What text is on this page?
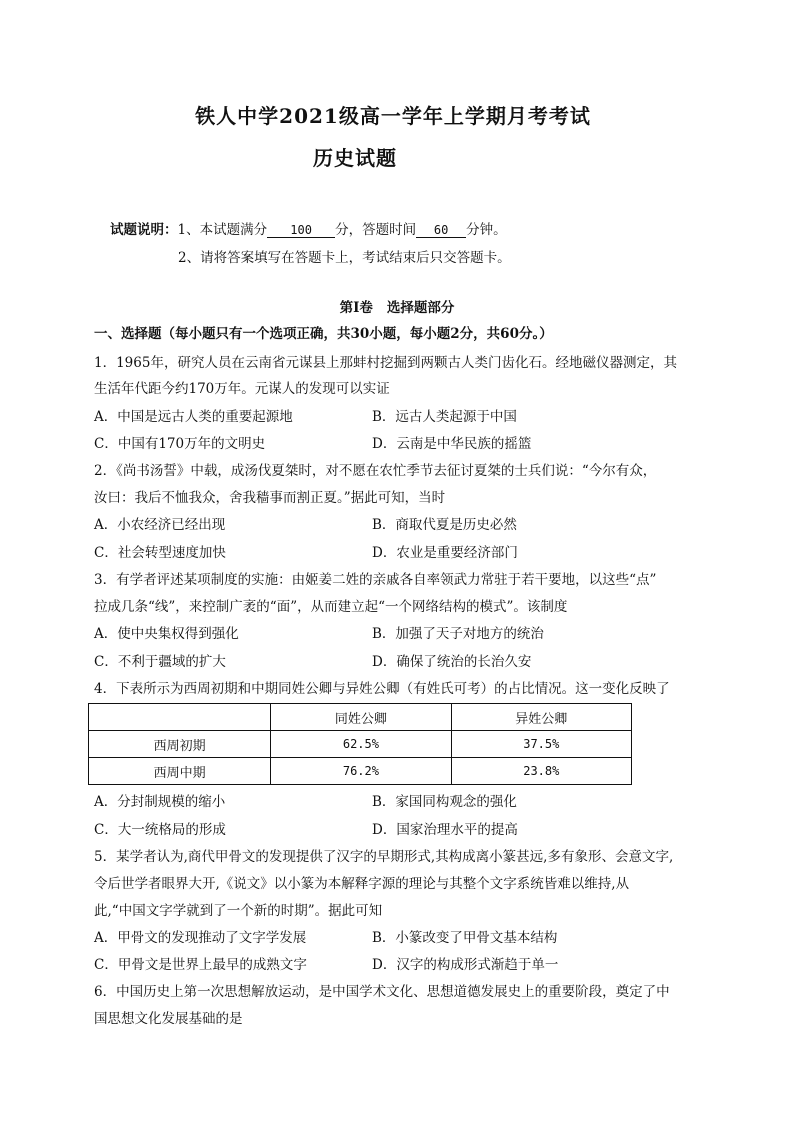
铁人中学2021级高一学年上学期月考考试
历史试题
试题说明：1、本试题满分 100 分，答题时间 60 分钟。
2、请将答案填写在答题卡上，考试结束后只交答题卡。
第Ⅰ卷 选择题部分
一、选择题（每小题只有一个选项正确，共30小题，每小题2分，共60分。）
1．1965年，研究人员在云南省元谋县上那蚌村挖掘到两颗古人类门齿化石。经地磁仪器测定，其
生活年代距今约170万年。元谋人的发现可以实证
A．中国是远古人类的重要起源地	B．远古人类起源于中国
C．中国有170万年的文明史	D．云南是中华民族的摇篮
2．《尚书汤誓》中载，成汤伐夏桀时，对不愿在农忙季节去征讨夏桀的士兵们说：“今尔有众，
汝曰：我后不恤我众，舍我穑事而割正夏。”据此可知，当时
A．小农经济已经出现	B．商取代夏是历史必然
C．社会转型速度加快	D．农业是重要经济部门
3．有学者评述某项制度的实施：由姬姜二姓的亲戚各自率领武力常驻于若干要地，以这些“点”
拉成几条“线”，来控制广袤的“面”，从而建立起“一个网络结构的模式”。该制度
A．使中央集权得到强化	B．加强了天子对地方的统治
C．不利于疆域的扩大	D．确保了统治的长治久安
4．下表所示为西周初期和中期同姓公卿与异姓公卿（有姓氏可考）的占比情况。这一变化反映了
	同姓公卿	异姓公卿
西周初期	62.5%	37.5%
西周中期	76.2%	23.8%
A．分封制规模的缩小	B．家国同构观念的强化
C．大一统格局的形成	D．国家治理水平的提高
5．某学者认为,商代甲骨文的发现提供了汉字的早期形式,其构成离小篆甚远,多有象形、会意文字,
令后世学者眼界大开,《说文》以小篆为本解释字源的理论与其整个文字系统皆难以维持,从
此,“中国文字学就到了一个新的时期”。据此可知
A．甲骨文的发现推动了文字学发展	B．小篆改变了甲骨文基本结构
C．甲骨文是世界上最早的成熟文字	D．汉字的构成形式渐趋于单一
6．中国历史上第一次思想解放运动，是中国学术文化、思想道德发展史上的重要阶段，奠定了中
国思想文化发展基础的是
